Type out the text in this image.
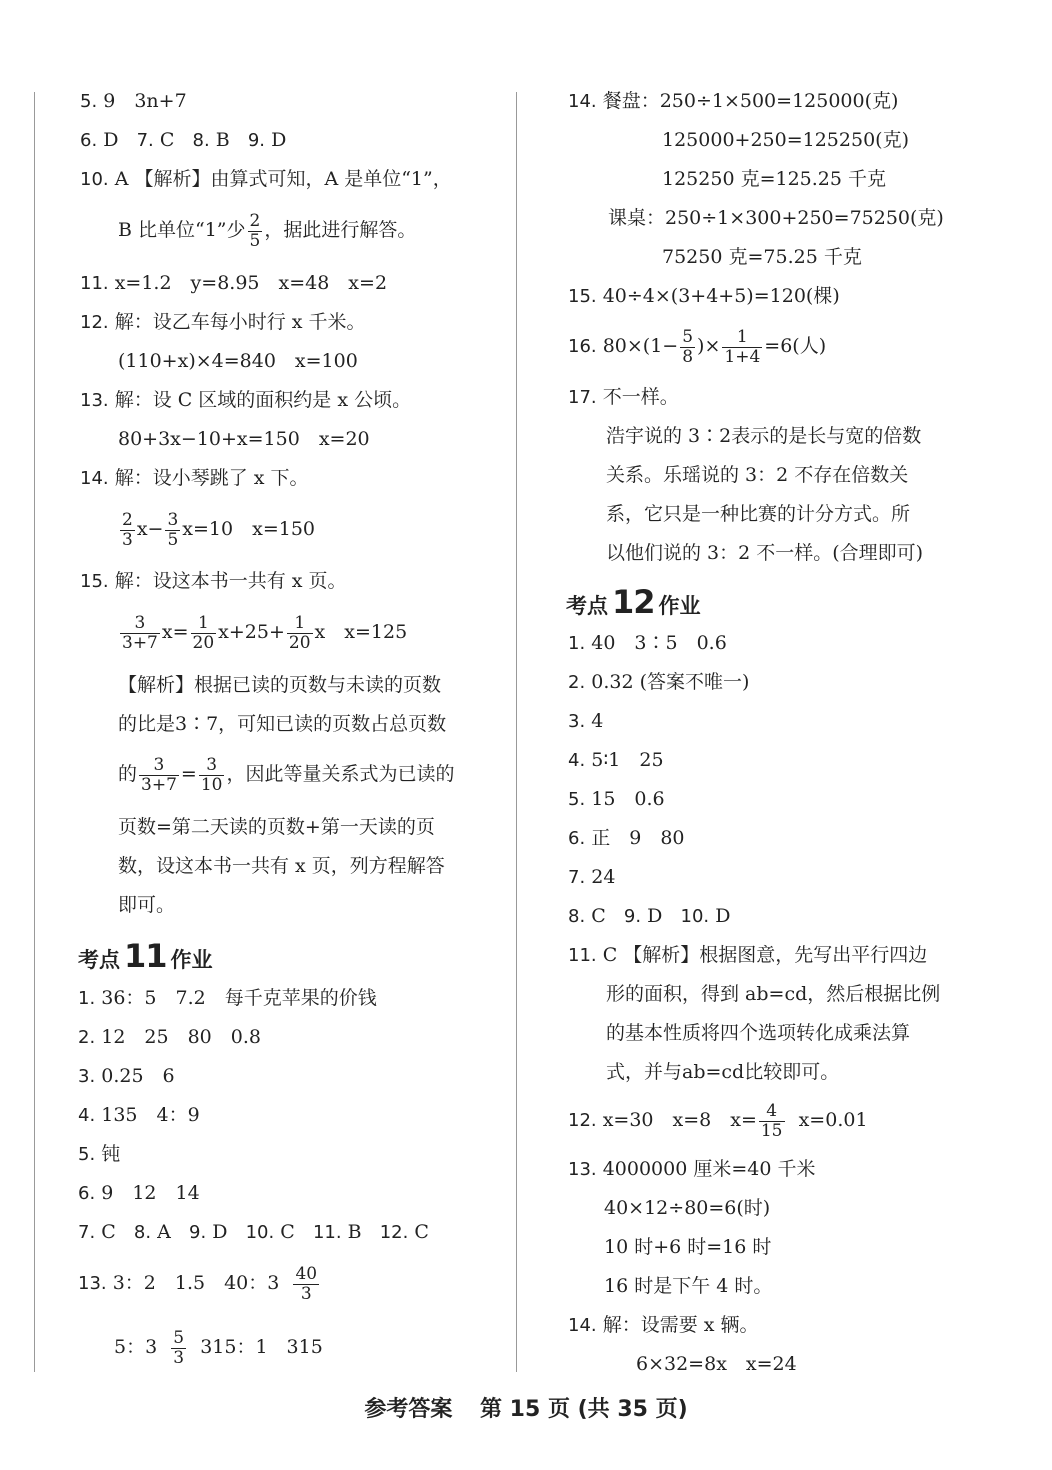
5. 9　3n+7
6. D 7. C 8. B 9. D
10. A 【解析】由算式可知，A 是单位“1”，
B 比单位“1”少 $\frac{2}{5}$ ，据此进行解答。
11. x=1.2　y=8.95　x=48　x=2
12. 解：设乙车每小时行 x 千米。
(110+x)×4=840　x=100
13. 解：设 C 区域的面积约是 x 公顷。
80+3x−10+x=150　x=20
14. 解：设小琴跳了 x 下。
$\frac{2}{3} x- \frac{3}{5} x=10$　x=150
15. 解：设这本书一共有 x 页。
$\frac{3}{3+7} x= \frac{1}{20} x+25+ \frac{1}{20}$ x　x=125
【解析】根据已读的页数与未读的页数
的比是3∶7，可知已读的页数占总页数
的 $\frac{3}{3+7} = \frac{3}{10}$ ，因此等量关系式为已读的
页数=第二天读的页数+第一天读的页
数，设这本书一共有 x 页，列方程解答
即可。
考点 11 作业
1. 36：5　7.2　每千克苹果的价钱
2. 12　25　80　0.8
3. 0.25　6
4. 135　4：9
5. 钝
6. 9　12　14
7. C 8. A 9. D 10. C 11. B 12. C
13. 3：2　1.5　40：$3 \frac{40}{3}$
5：$3 \frac{5}{3} 315$：1　315
14. 餐盘：250÷1×500=125000(克)
125000+250=125250(克)
125250 克=125.25 千克
课桌：250÷1×300+250=75250(克)
75250 克=75.25 千克
15. 40÷4×(3+4+5)=120(棵)
16. $80\times(1- \frac{5}{8}$ )× $\frac{1}{1+4} =6$(人)
17. 不一样。
浩宇说的 3∶2表示的是长与宽的倍数
关系。乐瑶说的 3：2 不存在倍数关
系，它只是一种比赛的计分方式。所
以他们说的 3：2 不一样。(合理即可)
考点 12 作业
1. 40　3∶5　0.6
2. 0.32 (答案不唯一)
3. 4
4. 5∶1　25
5. 15　0.6
6. 正　9　80
7. 24
8. C 9. D 10. D
11. C 【解析】根据图意，先写出平行四边
形的面积，得到 ab=cd，然后根据比例
的基本性质将四个选项转化成乘法算
式，并与ab=cd比较即可。
12. x=30　x=8　$x= \frac{4}{15} x=0.01$
13. 4000000 厘米=40 千米
40×12÷80=6(时)
10 时+6 时=16 时
16 时是下午 4 时。
14. 解：设需要 x 辆。
6×32=8x　x=24
参考答案 第 15 页 (共 35 页)
